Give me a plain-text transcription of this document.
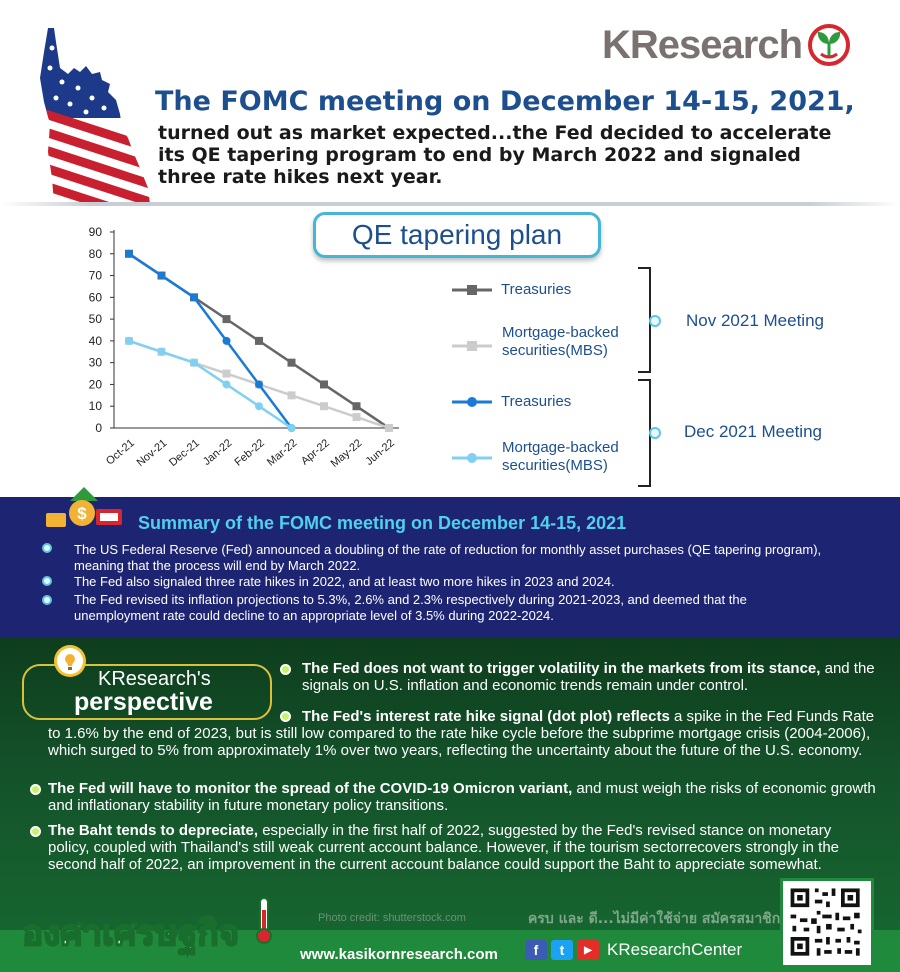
KResearch
The FOMC meeting on December 14-15, 2021,
turned out as market expected...the Fed decided to accelerate its QE tapering program to end by March 2022 and signaled three rate hikes next year.
0
10
20
30
40
50
60
70
80
90
Oct-21
Nov-21
Dec-21 Jan-22
Feb-22
Mar-22 Apr-22
May-22 Jun-22
QE tapering plan
Treasuries
Mortgage-backed
securities(MBS)
Treasuries
Mortgage-backed
securities(MBS)
Nov 2021 Meeting
Dec 2021 Meeting
$	Summary of the FOMC meeting on December 14-15, 2021
The US Federal Reserve (Fed) announced a doubling of the rate of reduction for monthly asset purchases (QE tapering program), meaning that the process will end by March 2022.
The Fed also signaled three rate hikes in 2022, and at least two more hikes in 2023 and 2024.
The Fed revised its inflation projections to 5.3%, 2.6% and 2.3% respectively during 2021-2023, and deemed that the unemployment rate could decline to an appropriate level of 3.5% during 2022-2024.
KResearch's
perspective
The Fed does not want to trigger volatility in the markets from its stance, and the signals on U.S. inflation and economic trends remain under control.
The Fed's interest rate hike signal (dot plot) reflects a spike in the Fed Funds Rate to 1.6% by the end of 2023, but is still low compared to the rate hike cycle before the subprime mortgage crisis (2004-2006), which surged to 5% from approximately 1% over two years, reflecting the uncertainty about the future of the U.S. economy.
The Fed will have to monitor the spread of the COVID-19 Omicron variant, and must weigh the risks of economic growth and inflationary stability in future monetary policy transitions.
The Baht tends to depreciate, especially in the first half of 2022, suggested by the Fed's revised stance on monetary policy, coupled with Thailand's still weak current account balance. However, if the tourism sectorrecovers strongly in the second half of 2022, an improvement in the current account balance could support the Baht to appreciate somewhat.
องศาเศรษฐกิจ	Photo credit: shutterstock.com	ครบ และ ดี...ไม่มีค่าใช้จ่าย สมัครสมาชิก
www.kasikornresearch.com	f	t	▶ KResearchCenter
